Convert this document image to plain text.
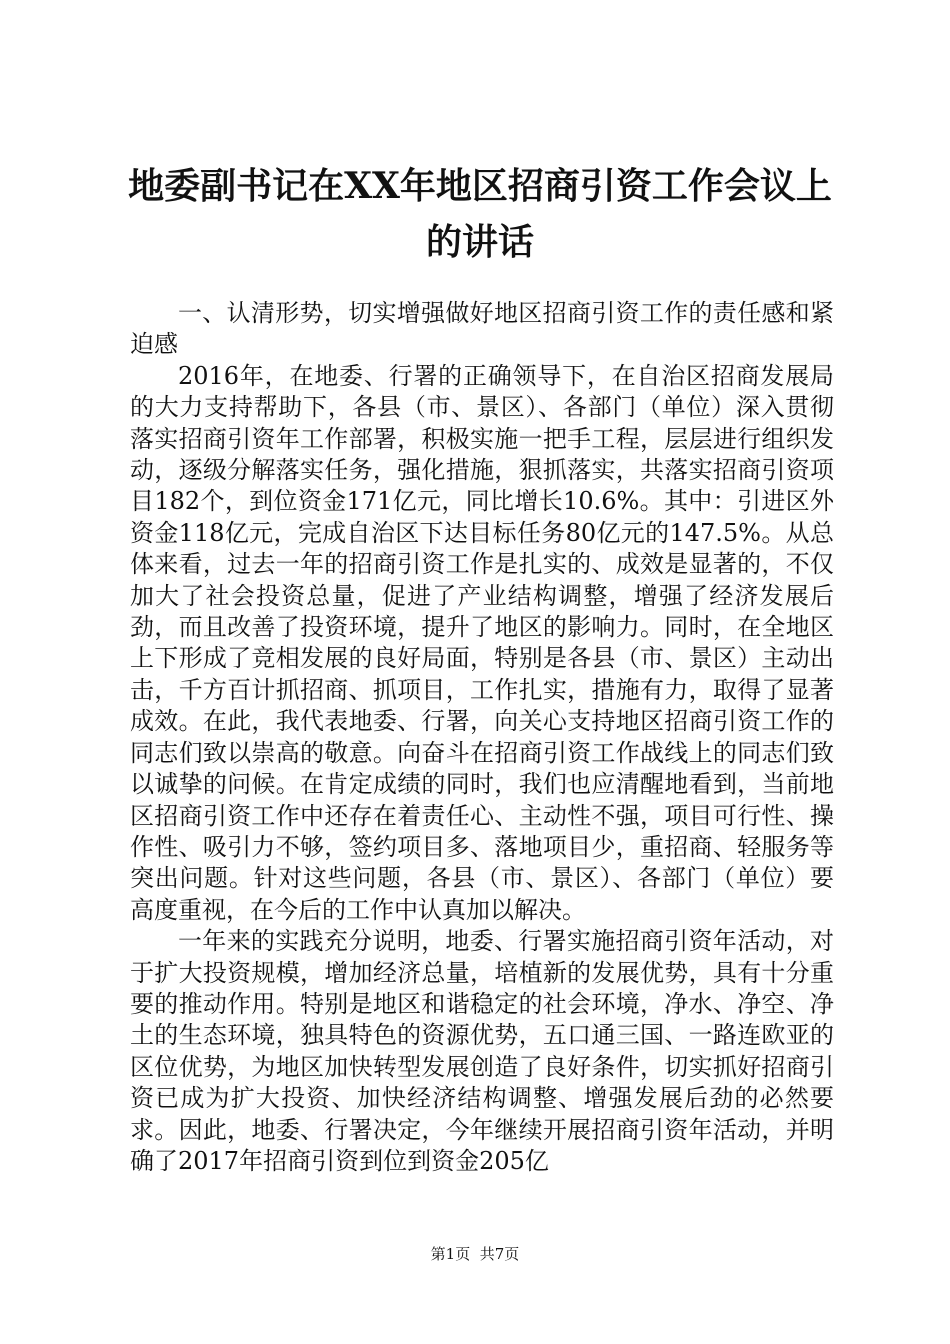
地委副书记在XX年地区招商引资工作会议上的讲话

一、认清形势，切实增强做好地区招商引资工作的责任感和紧迫感

2016年，在地委、行署的正确领导下，在自治区招商发展局的大力支持帮助下，各县（市、景区）、各部门（单位）深入贯彻落实招商引资年工作部署，积极实施一把手工程，层层进行组织发动，逐级分解落实任务，强化措施，狠抓落实，共落实招商引资项目182个，到位资金171亿元，同比增长10.6%。其中：引进区外资金118亿元，完成自治区下达目标任务80亿元的147.5%。从总体来看，过去一年的招商引资工作是扎实的、成效是显著的，不仅加大了社会投资总量，促进了产业结构调整，增强了经济发展后劲，而且改善了投资环境，提升了地区的影响力。同时，在全地区上下形成了竞相发展的良好局面，特别是各县（市、景区）主动出击，千方百计抓招商、抓项目，工作扎实，措施有力，取得了显著成效。在此，我代表地委、行署，向关心支持地区招商引资工作的同志们致以崇高的敬意。向奋斗在招商引资工作战线上的同志们致以诚挚的问候。在肯定成绩的同时，我们也应清醒地看到，当前地区招商引资工作中还存在着责任心、主动性不强，项目可行性、操作性、吸引力不够，签约项目多、落地项目少，重招商、轻服务等突出问题。针对这些问题，各县（市、景区）、各部门（单位）要高度重视，在今后的工作中认真加以解决。

一年来的实践充分说明，地委、行署实施招商引资年活动，对于扩大投资规模，增加经济总量，培植新的发展优势，具有十分重要的推动作用。特别是地区和谐稳定的社会环境，净水、净空、净土的生态环境，独具特色的资源优势，五口通三国、一路连欧亚的区位优势，为地区加快转型发展创造了良好条件，切实抓好招商引资已成为扩大投资、加快经济结构调整、增强发展后劲的必然要求。因此，地委、行署决定，今年继续开展招商引资年活动，并明确了2017年招商引资到位到资金205亿

第1页 共7页
